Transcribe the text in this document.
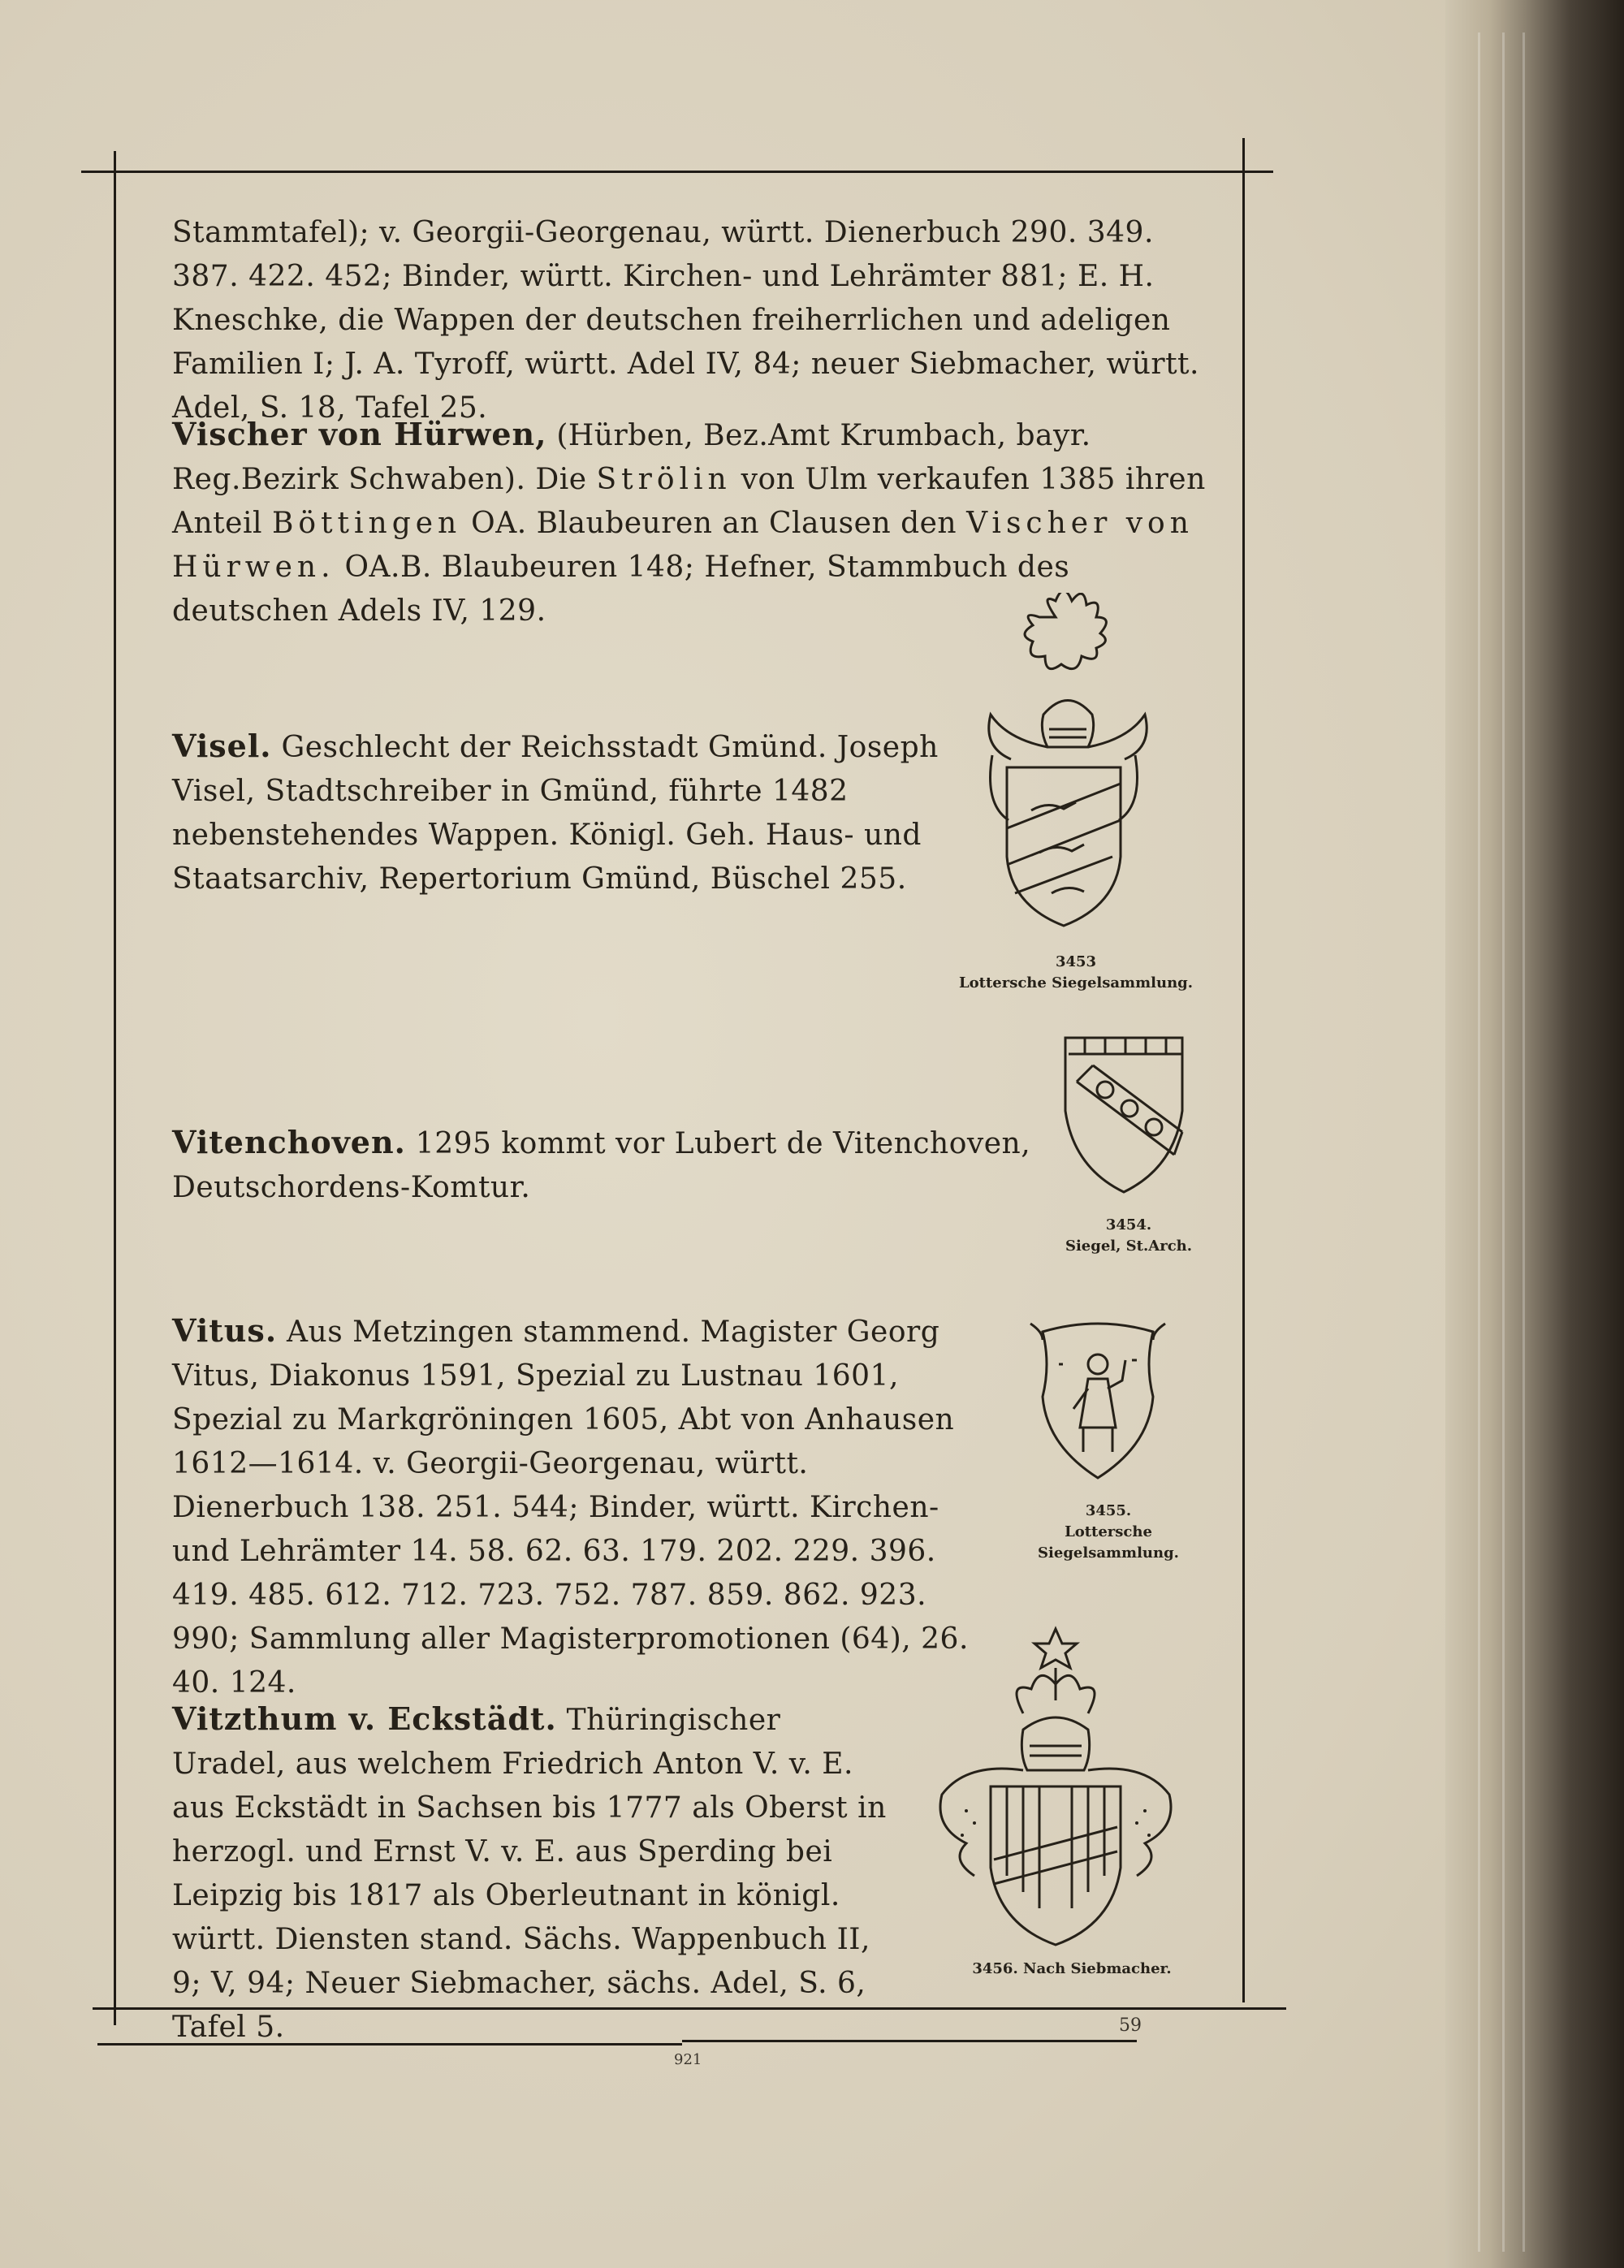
Stammtafel); v. Georgii-Georgenau, württ. Dienerbuch 290. 349. 387. 422. 452; Binder, württ. Kirchen- und Lehrämter 881; E. H. Kneschke, die Wappen der deutschen freiherrlichen und adeligen Familien I; J. A. Tyroff, württ. Adel IV, 84; neuer Siebmacher, württ. Adel, S. 18, Tafel 25.
Vischer von Hürwen, (Hürben, Bez.Amt Krumbach, bayr. Reg.Bezirk Schwaben). Die Strölin von Ulm verkaufen 1385 ihren Anteil Böttingen OA. Blaubeuren an Clausen den Vischer von Hürwen. OA.B. Blaubeuren 148; Hefner, Stammbuch des deutschen Adels IV, 129.
Visel. Geschlecht der Reichsstadt Gmünd. Joseph Visel, Stadtschreiber in Gmünd, führte 1482 nebenstehendes Wappen. Königl. Geh. Haus- und Staatsarchiv, Repertorium Gmünd, Büschel 255.
Vitenchoven. 1295 kommt vor Lubert de Vitenchoven, Deutschordens-Komtur.
Vitus. Aus Metzingen stammend. Magister Georg Vitus, Diakonus 1591, Spezial zu Lustnau 1601, Spezial zu Markgröningen 1605, Abt von Anhausen 1612—1614. v. Georgii-Georgenau, württ. Dienerbuch 138. 251. 544; Binder, württ. Kirchen- und Lehrämter 14. 58. 62. 63. 179. 202. 229. 396. 419. 485. 612. 712. 723. 752. 787. 859. 862. 923. 990; Sammlung aller Magisterpromotionen (64), 26. 40. 124.
Vitzthum v. Eckstädt. Thüringischer Uradel, aus welchem Friedrich Anton V. v. E. aus Eckstädt in Sachsen bis 1777 als Oberst in herzogl. und Ernst V. v. E. aus Sperding bei Leipzig bis 1817 als Oberleutnant in königl. württ. Diensten stand. Sächs. Wappenbuch II, 9; V, 94; Neuer Siebmacher, sächs. Adel, S. 6, Tafel 5.
3453
Lottersche Siegelsammlung.
3454.
Siegel, St.Arch.
3455.
Lottersche Siegelsammlung.
3456. Nach Siebmacher.
59
921
